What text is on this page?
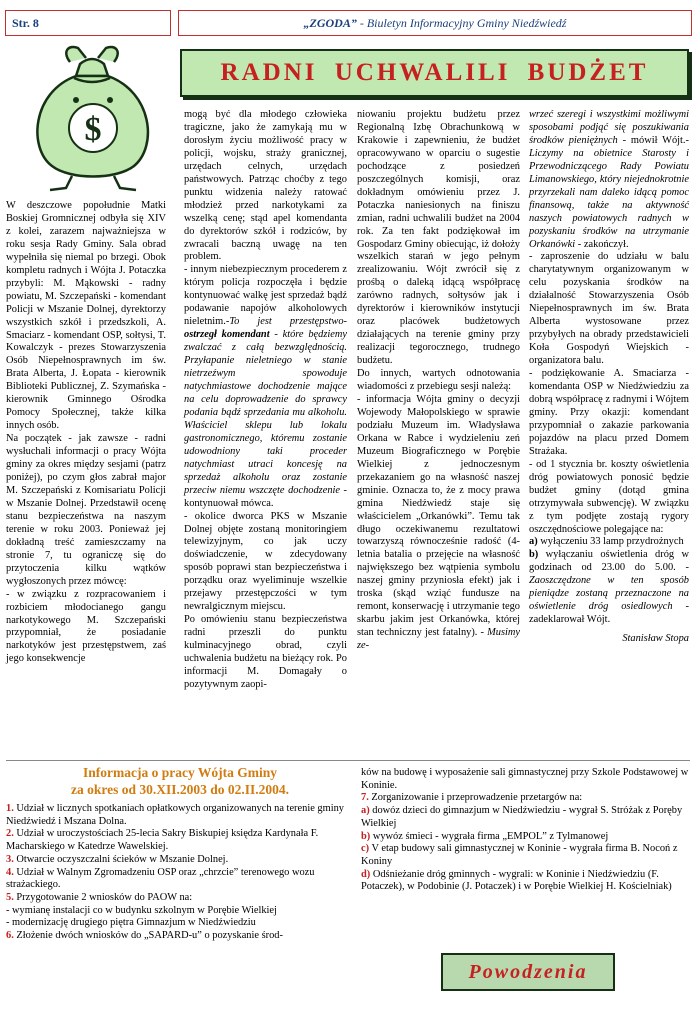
Str. 8	„ZGODA” - Biuletyn Informacyjny Gminy Niedźwiedź
$
RADNI UCHWALILI BUDŻET

W deszczowe popołudnie Matki Boskiej Gromnicznej odbyła się XIV z kolei, zarazem najważniejsza w roku sesja Rady Gminy. Sala obrad wypełniła się niemal po brzegi. Obok kompletu radnych i Wójta J. Potaczka przybyli: M. Mąkowski - radny powiatu, M. Szczepański - komendant Policji w Mszanie Dolnej, dyrektorzy wszystkich szkół i przedszkoli, A. Smaciarz - komendant OSP, sołtysi, T. Kowalczyk - prezes Stowarzyszenia Osób Niepełnosprawnych im św. Brata Alberta, J. Łopata - kierownik Biblioteki Publicznej, Z. Szymańska - kierownik Gminnego Ośrodka Pomocy Społecznej, także kilka innych osób.

Na początek - jak zawsze - radni wysłuchali informacji o pracy Wójta gminy za okres między sesjami (patrz poniżej), po czym głos zabrał major M. Szczepański z Komisariatu Policji w Mszanie Dolnej. Przedstawił ocenę stanu bezpieczeństwa na naszym terenie w roku 2003. Ponieważ jej dokładną treść zamieszczamy na stronie 7, tu ograniczę się do przytoczenia kilku wątków wygłoszonych przez mówcę:

- w związku z rozpracowaniem i rozbiciem młodocianego gangu narkotykowego M. Szczepański przypomniał, że posiadanie narkotyków jest przestępstwem, zaś jego konsekwencje

mogą być dla młodego człowieka tragiczne, jako że zamykają mu w dorosłym życiu możliwość pracy w policji, wojsku, straży granicznej, urzędach celnych, urzędach państwowych. Patrząc choćby z tego punktu widzenia należy ratować młodzież przed narkotykami za wszelką cenę; stąd apel komendanta do dyrektorów szkół i rodziców, by zwracali baczną uwagę na ten problem.

- innym niebezpiecznym procederem z którym policja rozpoczęła i będzie kontynuować walkę jest sprzedaż bądź podawanie napojów alkoholowych nieletnim.-To jest przestępstwo- ostrzegł komendant - które będziemy zwalczać z całą bezwzględnością. Przyłapanie nieletniego w stanie nietrzeźwym spowoduje natychmiastowe dochodzenie mające na celu doprowadzenie do sprawcy podania bądź sprzedania mu alkoholu. Właściciel sklepu lub lokalu gastronomicznego, któremu zostanie udowodniony taki proceder natychmiast utraci koncesję na sprzedaż alkoholu oraz zostanie przeciw niemu wszczęte dochodzenie - kontynuował mówca.

- okolice dworca PKS w Mszanie Dolnej objęte zostaną monitoringiem telewizyjnym, co jak uczy doświadczenie, w zdecydowany sposób poprawi stan bezpieczeństwa i porządku oraz wyeliminuje wszelkie przejawy przestępczości w tym newralgicznym miejscu.

Po omówieniu stanu bezpieczeństwa radni przeszli do punktu kulminacyjnego obrad, czyli uchwalenia budżetu na bieżący rok. Po informacji M. Domagały o pozytywnym zaopi-

niowaniu projektu budżetu przez Regionalną Izbę Obrachunkową w Krakowie i zapewnieniu, że budżet opracowywano w oparciu o sugestie pochodzące z posiedzeń poszczególnych komisji, oraz dokładnym omówieniu przez J. Potaczka naniesionych na finiszu zmian, radni uchwalili budżet na 2004 rok. Za ten fakt podziękował im Gospodarz Gminy obiecując, iż dołoży wszelkich starań w jego pełnym zrealizowaniu. Wójt zwrócił się z prośbą o daleką idącą współpracę zarówno radnych, sołtysów jak i dyrektorów i kierowników instytucji oraz placówek budżetowych działających na terenie gminy przy realizacji tegorocznego, trudnego budżetu.

Do innych, wartych odnotowania wiadomości z przebiegu sesji należą:

- informacja Wójta gminy o decyzji Wojewody Małopolskiego w sprawie podziału Muzeum im. Władysława Orkana w Rabce i wydzieleniu zeń Muzeum Biograficznego w Porębie Wielkiej z jednoczesnym przekazaniem go na własność naszej gminie. Oznacza to, że z mocy prawa gmina Niedźwiedź staje się właścicielem „Orkanówki”. Temu tak długo oczekiwanemu rezultatowi towarzyszą równocześnie radość (4-letnia batalia o przejęcie na własność największego bez wątpienia symbolu naszej gminy przyniosła efekt) jak i troska (skąd wziąć fundusze na remont, konserwację i utrzymanie tego skarbu jakim jest Orkanówka, której stan techniczny jest fatalny). - Musimy ze-

wrzeć szeregi i wszystkimi możliwymi sposobami podjąć się poszukiwania środków pieniężnych - mówił Wójt.- Liczymy na obietnice Starosty i Przewodniczącego Rady Powiatu Limanowskiego, który niejednokrotnie przyrzekali nam daleko idącą pomoc finansową, także na aktywność naszych powiatowych radnych w pozyskaniu środków na utrzymanie Orkanówki - zakończył.

- zaproszenie do udziału w balu charytatywnym organizowanym w celu pozyskania środków na działalność Stowarzyszenia Osób Niepełnosprawnych im św. Brata Alberta wystosowane przez przybyłych na obrady przedstawicieli Koła Gospodyń Wiejskich -organizatora balu.

- podziękowanie A. Smaciarza - komendanta OSP w Niedźwiedziu za dobrą współpracę z radnymi i Wójtem gminy. Przy okazji: komendant przypomniał o zakazie parkowania pojazdów na placu przed Domem Strażaka.

- od 1 stycznia br. koszty oświetlenia dróg powiatowych ponosić będzie budżet gminy (dotąd gmina otrzymywała subwencję). W związku z tym podjęte zostają rygory oszczędnościowe polegające na:

a) wyłączeniu 33 lamp przydrożnych

b) wyłączaniu oświetlenia dróg w godzinach od 23.00 do 5.00. - Zaoszczędzone w ten sposób pieniądze zostaną przeznaczone na oświetlenie dróg osiedlowych - zadeklarował Wójt.

Stanisław Stopa

Informacja o pracy Wójta Gminy
za okres od 30.XII.2003 do 02.II.2004.

1. Udział w licznych spotkaniach opłatkowych organizowanych na terenie gminy Niedźwiedź i Mszana Dolna.

2. Udział w uroczystościach 25-lecia Sakry Biskupiej księdza Kardynała F. Macharskiego w Katedrze Wawelskiej.

3. Otwarcie oczyszczalni ścieków w Mszanie Dolnej.

4. Udział w Walnym Zgromadzeniu OSP oraz „chrzcie” terenowego wozu strażackiego.

5. Przygotowanie 2 wniosków do PAOW na:

- wymianę instalacji co w budynku szkolnym w Porębie Wielkiej

- modernizację drugiego piętra Gimnazjum w Niedźwiedziu

6. Złożenie dwóch wniosków do „SAPARD-u” o pozyskanie środ-

ków na budowę i wyposażenie sali gimnastycznej przy Szkole Podstawowej w Koninie.

7. Zorganizowanie i przeprowadzenie przetargów na:

a) dowóz dzieci do gimnazjum w Niedźwiedziu - wygrał S. Stróżak z Poręby Wielkiej

b) wywóz śmieci - wygrała firma „EMPOL” z Tylmanowej

c) V etap budowy sali gimnastycznej w Koninie - wygrała firma B. Nocoń z Koniny

d) Odśnieżanie dróg gminnych - wygrali: w Koninie i Niedźwiedziu (F. Potaczek), w Podobinie (J. Potaczek) i w Porębie Wielkiej H. Kościelniak)

Powodzenia
